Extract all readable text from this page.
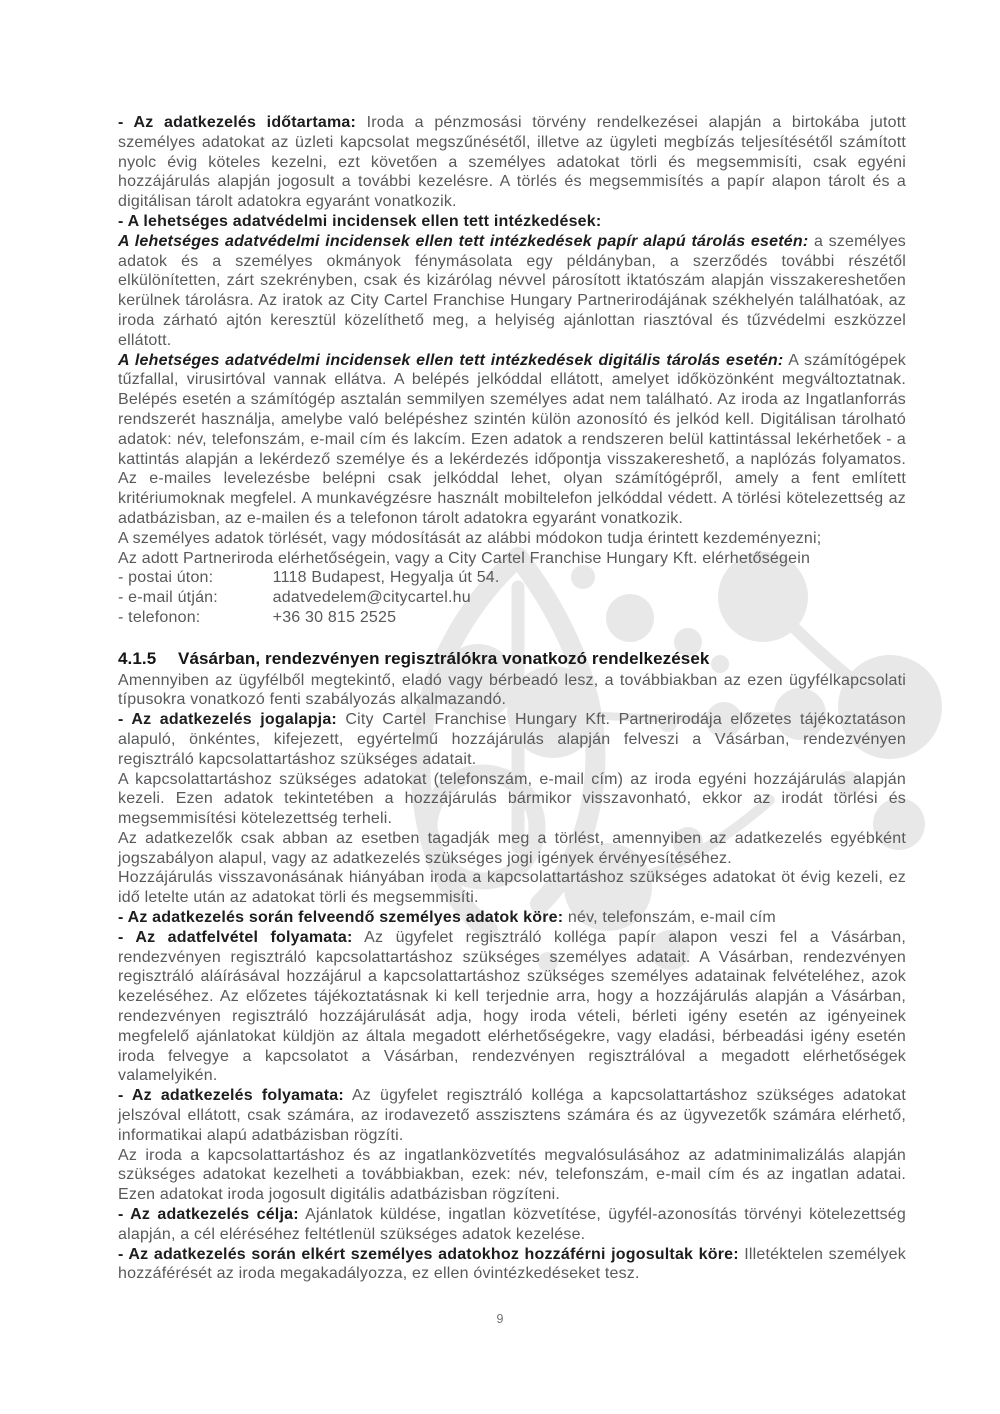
- Az adatkezelés időtartama: Iroda a pénzmosási törvény rendelkezései alapján a birtokába jutott személyes adatokat az üzleti kapcsolat megszűnésétől, illetve az ügyleti megbízás teljesítésétől számított nyolc évig köteles kezelni, ezt követően a személyes adatokat törli és megsemmisíti, csak egyéni hozzájárulás alapján jogosult a további kezelésre. A törlés és megsemmisítés a papír alapon tárolt és a digitálisan tárolt adatokra egyaránt vonatkozik.

- A lehetséges adatvédelmi incidensek ellen tett intézkedések:

A lehetséges adatvédelmi incidensek ellen tett intézkedések papír alapú tárolás esetén: a személyes adatok és a személyes okmányok fénymásolata egy példányban, a szerződés további részétől elkülönítetten, zárt szekrényben, csak és kizárólag névvel párosított iktatószám alapján visszakereshetően kerülnek tárolásra. Az iratok az City Cartel Franchise Hungary Partnerirodájának székhelyén találhatóak, az iroda zárható ajtón keresztül közelíthető meg, a helyiség ajánlottan riasztóval és tűzvédelmi eszközzel ellátott.

A lehetséges adatvédelmi incidensek ellen tett intézkedések digitális tárolás esetén: A számítógépek tűzfallal, virusirtóval vannak ellátva. A belépés jelkóddal ellátott, amelyet időközönként megváltoztatnak. Belépés esetén a számítógép asztalán semmilyen személyes adat nem található. Az iroda az Ingatlanforrás rendszerét használja, amelybe való belépéshez szintén külön azonosító és jelkód kell. Digitálisan tárolható adatok: név, telefonszám, e-mail cím és lakcím. Ezen adatok a rendszeren belül kattintással lekérhetőek - a kattintás alapján a lekérdező személye és a lekérdezés időpontja visszakereshető, a naplózás folyamatos. Az e-mailes levelezésbe belépni csak jelkóddal lehet, olyan számítógépről, amely a fent említett kritériumoknak megfelel. A munkavégzésre használt mobiltelefon jelkóddal védett. A törlési kötelezettség az adatbázisban, az e-mailen és a telefonon tárolt adatokra egyaránt vonatkozik.

A személyes adatok törlését, vagy módosítását az alábbi módokon tudja érintett kezdeményezni;

Az adott Partneriroda elérhetőségein, vagy a City Cartel Franchise Hungary Kft. elérhetőségein

- postai úton:	1118 Budapest, Hegyalja út 54.
- e-mail útján:	adatvedelem@citycartel.hu
- telefonon:	+36 30 815 2525
4.1.5	Vásárban, rendezvényen regisztrálókra vonatkozó rendelkezések

Amennyiben az ügyfélből megtekintő, eladó vagy bérbeadó lesz, a továbbiakban az ezen ügyfélkapcsolati típusokra vonatkozó fenti szabályozás alkalmazandó.

- Az adatkezelés jogalapja: City Cartel Franchise Hungary Kft. Partnerirodája előzetes tájékoztatáson alapuló, önkéntes, kifejezett, egyértelmű hozzájárulás alapján felveszi a Vásárban, rendezvényen regisztráló kapcsolattartáshoz szükséges adatait.

A kapcsolattartáshoz szükséges adatokat (telefonszám, e-mail cím) az iroda egyéni hozzájárulás alapján kezeli. Ezen adatok tekintetében a hozzájárulás bármikor visszavonható, ekkor az irodát törlési és megsemmisítési kötelezettség terheli.

Az adatkezelők csak abban az esetben tagadják meg a törlést, amennyiben az adatkezelés egyébként jogszabályon alapul, vagy az adatkezelés szükséges jogi igények érvényesítéséhez.

Hozzájárulás visszavonásának hiányában iroda a kapcsolattartáshoz szükséges adatokat öt évig kezeli, ez idő letelte után az adatokat törli és megsemmisíti.

- Az adatkezelés során felveendő személyes adatok köre: név, telefonszám, e-mail cím

- Az adatfelvétel folyamata: Az ügyfelet regisztráló kolléga papír alapon veszi fel a Vásárban, rendezvényen regisztráló kapcsolattartáshoz szükséges személyes adatait. A Vásárban, rendezvényen regisztráló aláírásával hozzájárul a kapcsolattartáshoz szükséges személyes adatainak felvételéhez, azok kezeléséhez. Az előzetes tájékoztatásnak ki kell terjednie arra, hogy a hozzájárulás alapján a Vásárban, rendezvényen regisztráló hozzájárulását adja, hogy iroda vételi, bérleti igény esetén az igényeinek megfelelő ajánlatokat küldjön az általa megadott elérhetőségekre, vagy eladási, bérbeadási igény esetén iroda felvegye a kapcsolatot a Vásárban, rendezvényen regisztrálóval a megadott elérhetőségek valamelyikén.

- Az adatkezelés folyamata: Az ügyfelet regisztráló kolléga a kapcsolattartáshoz szükséges adatokat jelszóval ellátott, csak számára, az irodavezető asszisztens számára és az ügyvezetők számára elérhető, informatikai alapú adatbázisban rögzíti.

Az iroda a kapcsolattartáshoz és az ingatlanközvetítés megvalósulásához az adatminimalizálás alapján szükséges adatokat kezelheti a továbbiakban, ezek: név, telefonszám, e-mail cím és az ingatlan adatai. Ezen adatokat iroda jogosult digitális adatbázisban rögzíteni.

- Az adatkezelés célja: Ajánlatok küldése, ingatlan közvetítése, ügyfél-azonosítás törvényi kötelezettség alapján, a cél eléréséhez feltétlenül szükséges adatok kezelése.

- Az adatkezelés során elkért személyes adatokhoz hozzáférni jogosultak köre: Illetéktelen személyek hozzáférését az iroda megakadályozza, ez ellen óvintézkedéseket tesz.

9
